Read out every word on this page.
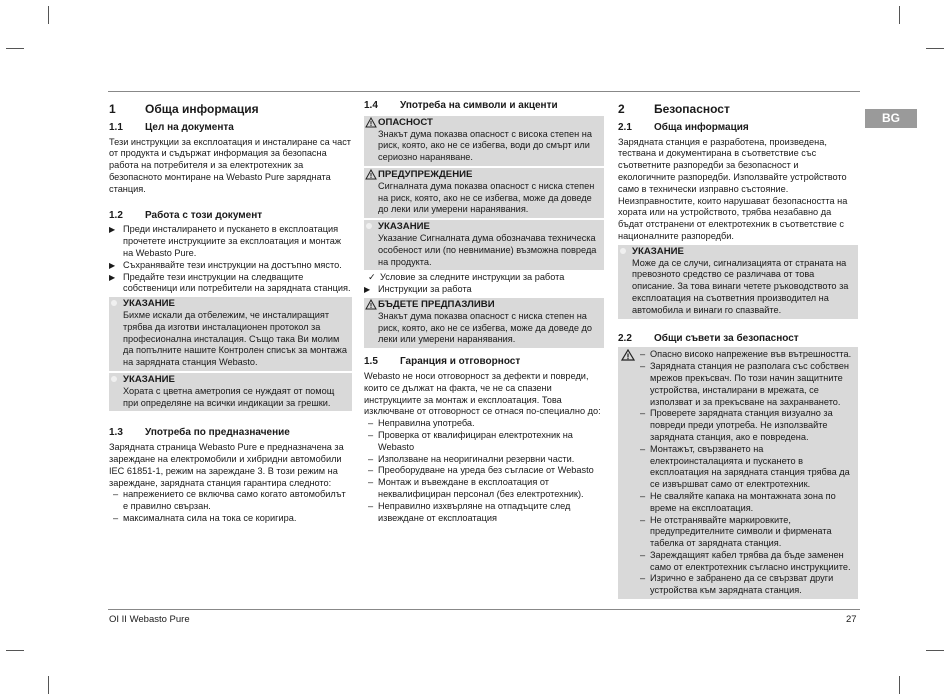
BG
1	Обща информация
1.1	Цел на документа

Тези инструкции за експлоатация и инсталиране са част от продукта и съдържат информация за безопасна работа на потребителя и за електротехник за безопасното монтиране на Webasto Pure зарядната станция.

1.2	Работа с този документ
▶ Преди инсталирането и пускането в експлоатация прочетете инструкциите за експлоатация и монтаж на Webasto Pure.
▶ Съхранявайте тези инструкции на достъпно място.
▶ Предайте тези инструкции на следващите собственици или потребители на зарядната станция.
УКАЗАНИЕ
Бихме искали да отбележим, че инсталиращият трябва да изготви инсталационен протокол за професионална инсталация. Също така Ви молим да попълните нашите Контролен списък за монтажа на зарядната станция Webasto.
УКАЗАНИЕ
Хората с цветна аметропия се нуждаят от помощ при определяне на всички индикации за грешки.
1.3	Употреба по предназначение

Зарядната страница Webasto Pure е предназначена за зареждане на електромобили и хибридни автомобили IEC 61851-1, режим на зареждане 3. В този режим на зареждане, зарядната станция гарантира следното:

– напрежението се включва само когато автомобилът е правилно свързан.
– максималната сила на тока се коригира.
1.4	Употреба на символи и акценти
ОПАСНОСТ
Знакът дума показва опасност с висока степен на риск, която, ако не се избегва, води до смърт или сериозно нараняване.
ПРЕДУПРЕЖДЕНИЕ
Сигналната дума показва опасност с ниска степен на риск, която, ако не се избегва, може да доведе до леки или умерени наранявания.
УКАЗАНИЕ
Указание Сигналната дума обозначава техническа особеност или (по невнимание) възможна повреда на продукта.
✓ Условие за следните инструкции за работа
▶ Инструкции за работа
БЪДЕТЕ ПРЕДПАЗЛИВИ
Знакът дума показва опасност с ниска степен на риск, която, ако не се избегва, може да доведе до леки или умерени наранявания.
1.5	Гаранция и отговорност

Webasto не носи отговорност за дефекти и повреди, които се дължат на факта, че не са спазени инструкциите за монтаж и експлоатация. Това изключване от отговорност се отнася по-специално до:

– Неправилна употреба.
– Проверка от квалифициран електротехник на Webasto
– Използване на неоригинални резервни части.
– Преоборудване на уреда без съгласие от Webasto
– Монтаж и въвеждане в експлоатация от неквалифициран персонал (без електротехник).
– Неправилно изхвърляне на отпадъците след извеждане от експлоатация
2	Безопасност
2.1	Обща информация

Зарядната станция е разработена, произведена, тествана и документирана в съответствие със съответните разпоредби за безопасност и екологичните разпоредби. Използвайте устройството само в технически изправно състояние. Неизправностите, които нарушават безопасността на хората или на устройството, трябва незабавно да бъдат отстранени от електротехник в съответствие с националните разпоредби.

УКАЗАНИЕ
Може да се случи, сигнализацията от страната на превозното средство се различава от това описание. За това винаги четете ръководството за експлоатация на съответния производител на автомобила и винаги го спазвайте.
2.2	Общи съвети за безопасност
– Опасно високо напрежение във вътрешността.
– Зарядната станция не разполага със собствен мрежов прекъсвач. По този начин защитните устройства, инсталирани в мрежата, се използват и за прекъсване на захранването.
– Проверете зарядната станция визуално за повреди преди употреба. Не използвайте зарядната станция, ако е повредена.
– Монтажът, свързването на електроинсталацията и пускането в експлоатация на зарядната станция трябва да се извършват само от електротехник.
– Не сваляйте капака на монтажната зона по време на експлоатация.
– Не отстранявайте маркировките, предупредителните символи и фирмената табелка от зарядната станция.
– Зареждащият кабел трябва да бъде заменен само от електротехник съгласно инструкциите.
– Изрично е забранено да се свързват други устройства към зарядната станция.
OI II Webasto Pure	27
